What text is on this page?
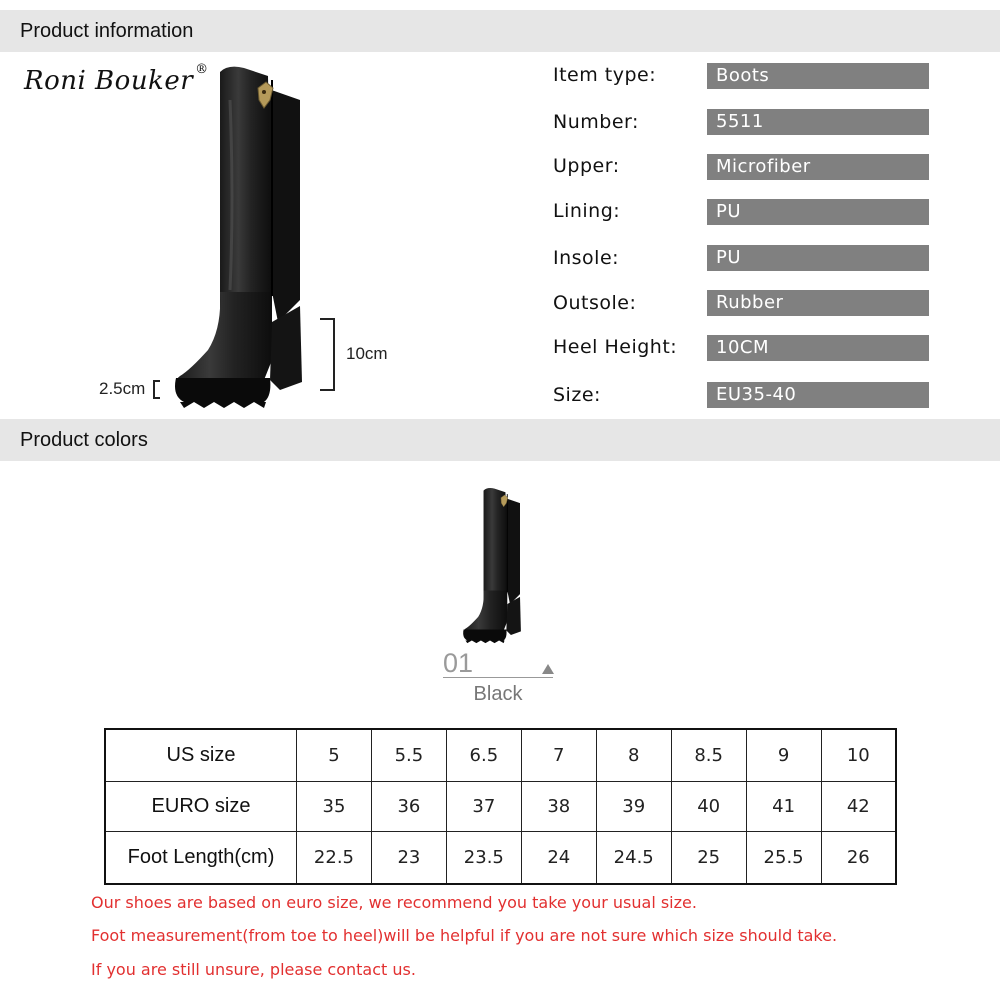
Product information
Roni Bouker ®
10cm
2.5cm
Item type:	Boots
Number:	5511
Upper:	Microfiber
Lining:	PU
Insole:	PU
Outsole:	Rubber
Heel Height:	10CM
Size:	EU35-40
Product colors
01
Black
US size	5	5.5	6.5	7	8	8.5	9	10
EURO size	35	36	37	38	39	40	41	42
Foot Length(cm)	22.5	23	23.5	24	24.5	25	25.5	26
Our shoes are based on euro size, we recommend you take your usual size.
Foot measurement(from toe to heel)will be helpful if you are not sure which size should take.
If you are still unsure, please contact us.
